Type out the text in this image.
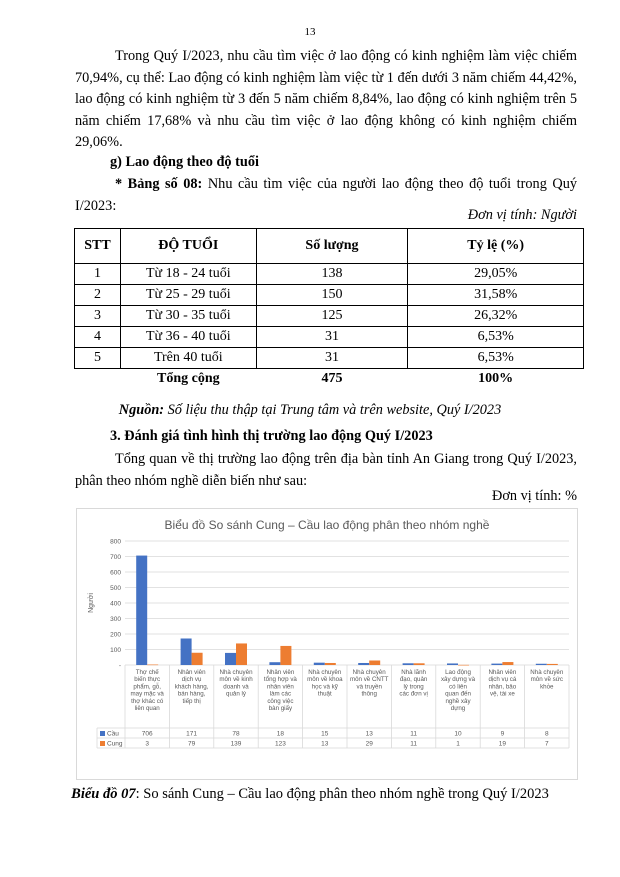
13
Trong Quý I/2023, nhu cầu tìm việc ở lao động có kinh nghiệm làm việc chiếm 70,94%, cụ thể: Lao động có kinh nghiệm làm việc từ 1 đến dưới 3 năm chiếm 44,42%, lao động có kinh nghiệm từ 3 đến 5 năm chiếm 8,84%, lao động có kinh nghiệm trên 5 năm chiếm 17,68% và nhu cầu tìm việc ở lao động không có kinh nghiệm chiếm 29,06%.
g) Lao động theo độ tuổi
* Bảng số 08: Nhu cầu tìm việc của người lao động theo độ tuổi trong Quý I/2023:
Đơn vị tính: Người
STT	ĐỘ TUỔI	Số lượng	Tỷ lệ (%)
1	Từ 18 - 24 tuổi	138	29,05%
2	Từ 25 - 29 tuổi	150	31,58%
3	Từ 30 - 35 tuổi	125	26,32%
4	Từ 36 - 40 tuổi	31	6,53%
5	Trên 40 tuổi	31	6,53%
	Tổng cộng	475	100%
Nguồn: Số liệu thu thập tại Trung tâm và trên website, Quý I/2023
3. Đánh giá tình hình thị trường lao động Quý I/2023
Tổng quan về thị trường lao động trên địa bàn tỉnh An Giang trong Quý I/2023, phân theo nhóm nghề diễn biến như sau:
Đơn vị tính: %
Biểu đồ So sánh Cung – Cầu lao động phân theo nhóm nghề
-
100
200
300
400
500
600
700
800
Người
Thợ chế biến thực phẩm, gỗ, may mặc và thợ khác có liên quan
Nhân viên dịch vụ khách hàng, bán hàng, tiếp thị
Nhà chuyên môn về kinh doanh và quản lý
Nhân viên tổng hợp và nhân viên làm các công việc bàn giấy
Nhà chuyên môn về khoa học và kỹ thuật
Nhà chuyên môn về CNTT và truyền thông
Nhà lãnh đạo, quản lý trong các đơn vị
Lao động xây dựng và có liên quan đến nghề xây dựng
Nhân viên dịch vụ cá nhân, bảo vệ, tài xe
Nhà chuyên môn về sức khỏe
Cầu	706	171	78	18	15	13	11	10	9	8
Cung	3	79	139	123	13	29	11	1	19	7
Biểu đồ 07: So sánh Cung – Cầu lao động phân theo nhóm nghề trong Quý I/2023
